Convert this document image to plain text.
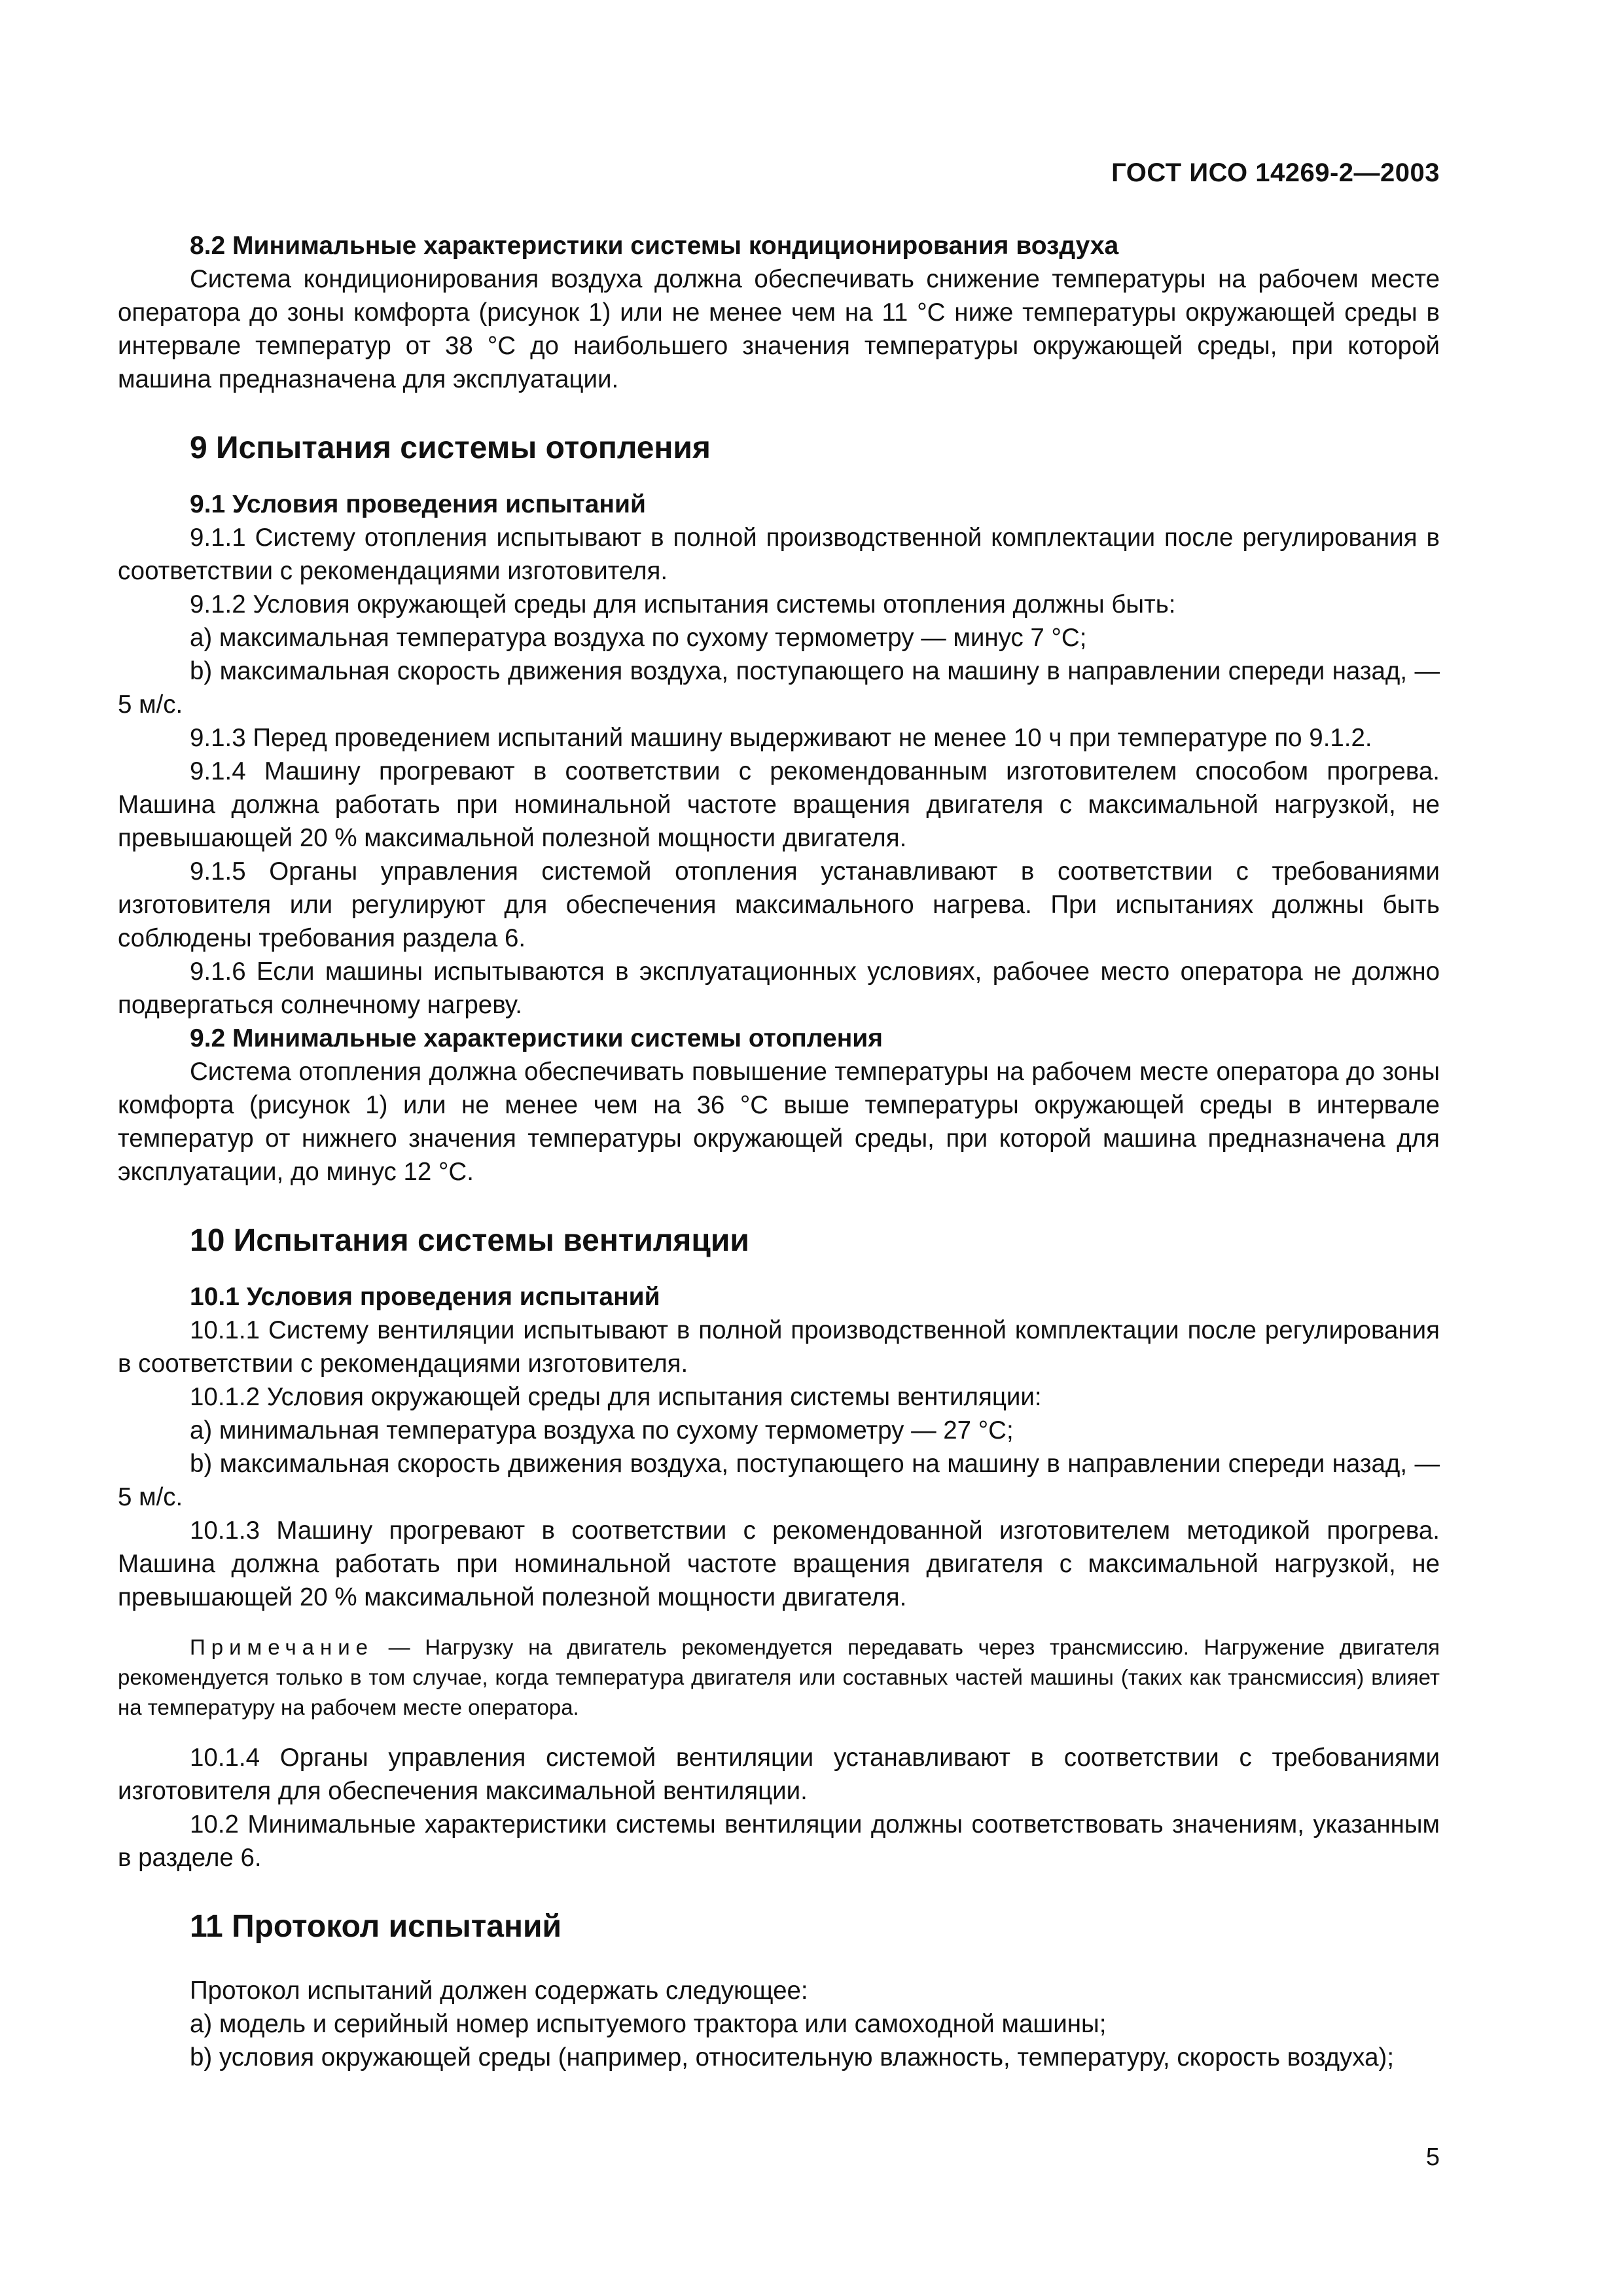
ГОСТ ИСО 14269-2—2003
8.2 Минимальные характеристики системы кондиционирования воздуха

Система кондиционирования воздуха должна обеспечивать снижение температуры на рабочем месте оператора до зоны комфорта (рисунок 1) или не менее чем на 11 °С ниже температуры окружающей среды в интервале температур от 38 °С до наибольшего значения температуры окружающей среды, при которой машина предназначена для эксплуатации.

9 Испытания системы отопления
9.1 Условия проведения испытаний

9.1.1 Систему отопления испытывают в полной производственной комплектации после регулирования в соответствии с рекомендациями изготовителя.

9.1.2 Условия окружающей среды для испытания системы отопления должны быть:

а) максимальная температура воздуха по сухому термометру — минус 7 °С;

b) максимальная скорость движения воздуха, поступающего на машину в направлении спереди назад, — 5 м/с.

9.1.3 Перед проведением испытаний машину выдерживают не менее 10 ч при температуре по 9.1.2.

9.1.4 Машину прогревают в соответствии с рекомендованным изготовителем способом прогрева. Машина должна работать при номинальной частоте вращения двигателя с максимальной нагрузкой, не превышающей 20 % максимальной полезной мощности двигателя.

9.1.5 Органы управления системой отопления устанавливают в соответствии с требованиями изготовителя или регулируют для обеспечения максимального нагрева. При испытаниях должны быть соблюдены требования раздела 6.

9.1.6 Если машины испытываются в эксплуатационных условиях, рабочее место оператора не должно подвергаться солнечному нагреву.

9.2 Минимальные характеристики системы отопления

Система отопления должна обеспечивать повышение температуры на рабочем месте оператора до зоны комфорта (рисунок 1) или не менее чем на 36 °С выше температуры окружающей среды в интервале температур от нижнего значения температуры окружающей среды, при которой машина предназначена для эксплуатации, до минус 12 °С.

10 Испытания системы вентиляции
10.1 Условия проведения испытаний

10.1.1 Систему вентиляции испытывают в полной производственной комплектации после регулирования в соответствии с рекомендациями изготовителя.

10.1.2 Условия окружающей среды для испытания системы вентиляции:

а) минимальная температура воздуха по сухому термометру — 27 °С;

b) максимальная скорость движения воздуха, поступающего на машину в направлении спереди назад, — 5 м/с.

10.1.3 Машину прогревают в соответствии с рекомендованной изготовителем методикой прогрева. Машина должна работать при номинальной частоте вращения двигателя с максимальной нагрузкой, не превышающей 20 % максимальной полезной мощности двигателя.

Примечание — Нагрузку на двигатель рекомендуется передавать через трансмиссию. Нагружение двигателя рекомендуется только в том случае, когда температура двигателя или составных частей машины (таких как трансмиссия) влияет на температуру на рабочем месте оператора.

10.1.4 Органы управления системой вентиляции устанавливают в соответствии с требованиями изготовителя для обеспечения максимальной вентиляции.

10.2 Минимальные характеристики системы вентиляции должны соответствовать значениям, указанным в разделе 6.

11 Протокол испытаний

Протокол испытаний должен содержать следующее:

а) модель и серийный номер испытуемого трактора или самоходной машины;

b) условия окружающей среды (например, относительную влажность, температуру, скорость воздуха);

5
